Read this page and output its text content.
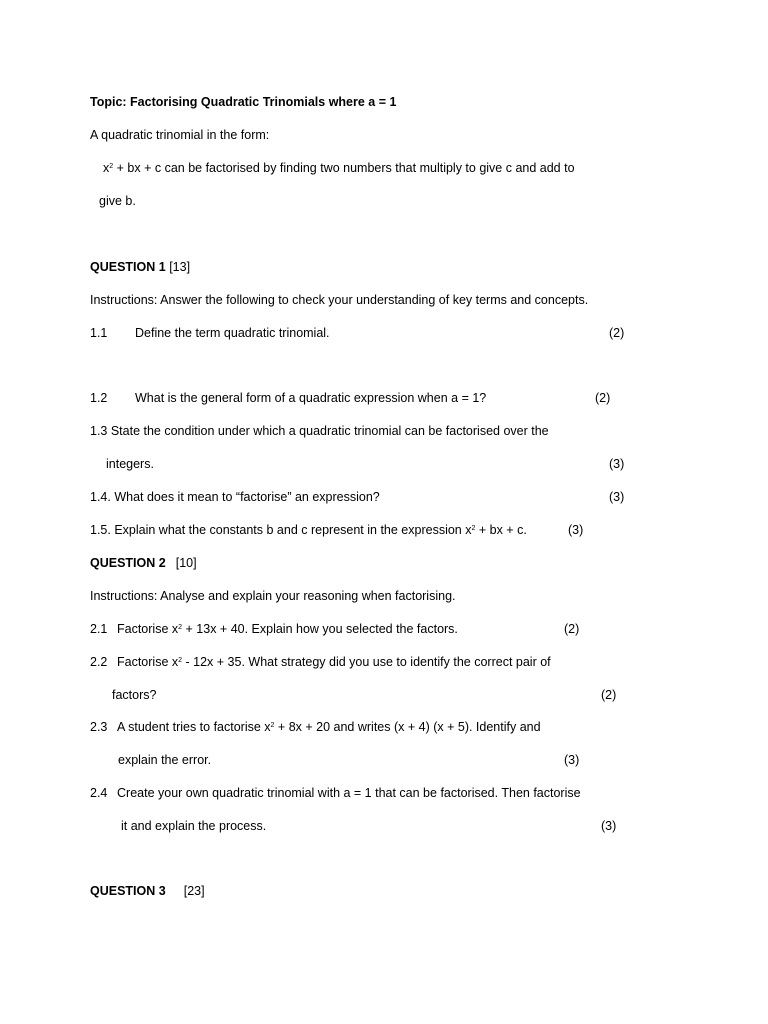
Topic: Factorising Quadratic Trinomials where a = 1
A quadratic trinomial in the form:
$x^2$ + bx + c can be factorised by finding two numbers that multiply to give c and add to
give b.
QUESTION 1 [13]
Instructions: Answer the following to check your understanding of key terms and concepts.
1.1 Define the term quadratic trinomial.	(2)
1.2 What is the general form of a quadratic expression when a = 1?	(2)
1.3 State the condition under which a quadratic trinomial can be factorised over the
integers.	(3)
1.4. What does it mean to “factorise” an expression?	(3)
1.5. Explain what the constants b and c represent in the expression $x^2$ + bx + c.	(3)
QUESTION 2 [10]
Instructions: Analyse and explain your reasoning when factorising.
2.1 Factorise $x^2 + 13x + 40$. Explain how you selected the factors.	(2)
2.2 Factorise $x^2 - 12x + 35$. What strategy did you use to identify the correct pair of
factors?	(2)
2.3 A student tries to factorise $x^2 + 8x + 20$ and writes (x + 4) (x + 5). Identify and
explain the error.	(3)
2.4 Create your own quadratic trinomial with a = 1 that can be factorised. Then factorise
it and explain the process.	(3)
QUESTION 3 [23]
